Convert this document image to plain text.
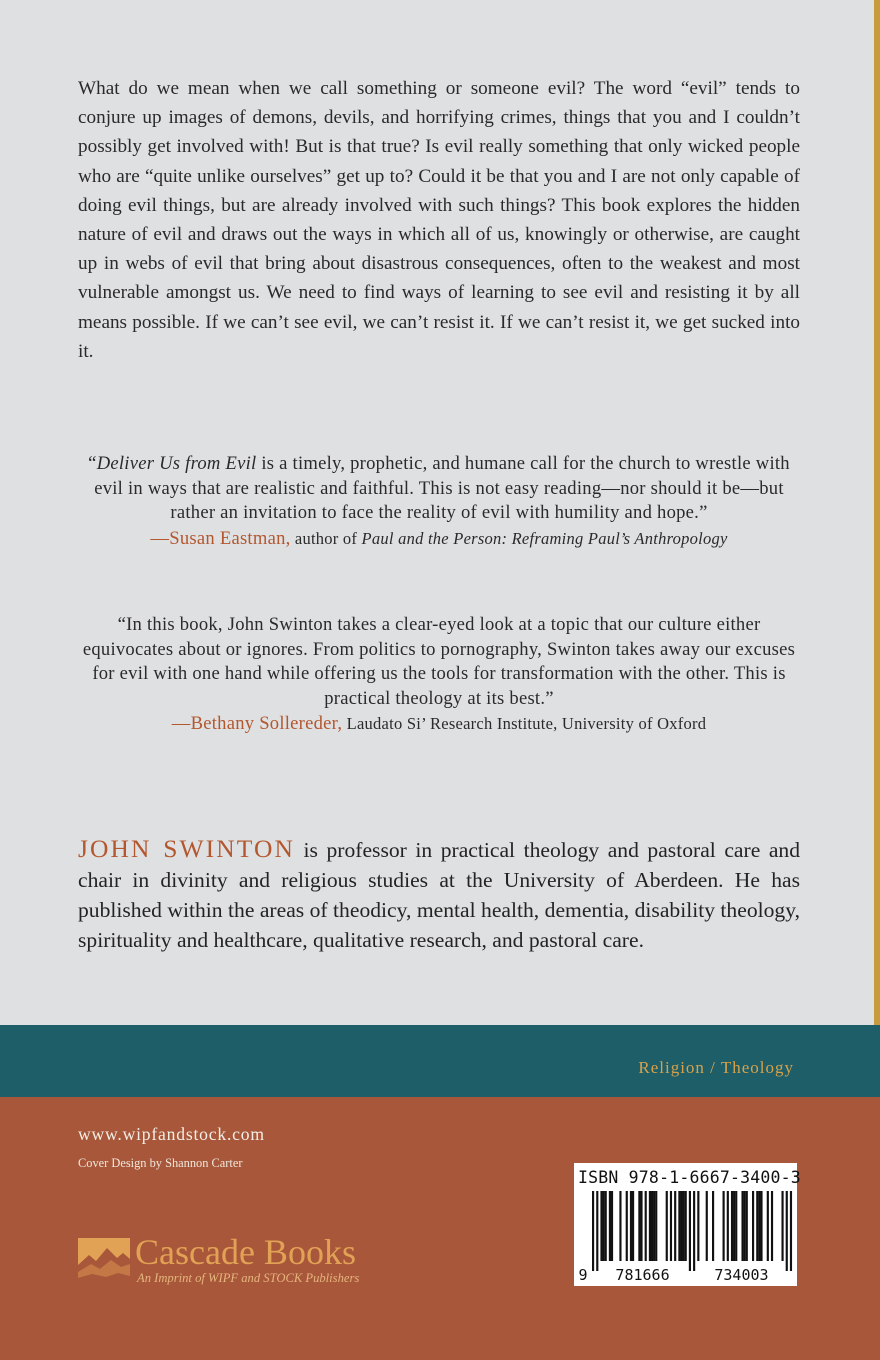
What do we mean when we call something or someone evil? The word “evil” tends to conjure up images of demons, devils, and horrifying crimes, things that you and I couldn’t possibly get involved with! But is that true? Is evil really something that only wicked people who are “quite unlike ourselves” get up to? Could it be that you and I are not only capable of doing evil things, but are already involved with such things? This book explores the hidden nature of evil and draws out the ways in which all of us, knowingly or otherwise, are caught up in webs of evil that bring about disastrous consequences, often to the weakest and most vulnerable amongst us. We need to find ways of learning to see evil and resisting it by all means possible. If we can’t see evil, we can’t resist it. If we can’t resist it, we get sucked into it.

“Deliver Us from Evil is a timely, prophetic, and humane call for the church to wrestle with evil in ways that are realistic and faithful. This is not easy reading—nor should it be—but rather an invitation to face the reality of evil with humility and hope.”
—Susan Eastman, author of Paul and the Person: Reframing Paul’s Anthropology
“In this book, John Swinton takes a clear-eyed look at a topic that our culture either equivocates about or ignores. From politics to pornography, Swinton takes away our excuses for evil with one hand while offering us the tools for transformation with the other. This is practical theology at its best.”
—Bethany Sollereder, Laudato Si’ Research Institute, University of Oxford

JOHN SWINTON is professor in practical theology and pastoral care and chair in divinity and religious studies at the University of Aberdeen. He has published within the areas of theodicy, mental health, dementia, disability theology, spirituality and healthcare, qualitative research, and pastoral care.

Religion / Theology
www.wipfandstock.com
Cover Design by Shannon Carter
Cascade Books
An Imprint of WIPF and STOCK Publishers
ISBN 978-1-6667-3400-3
9 781666	734003
